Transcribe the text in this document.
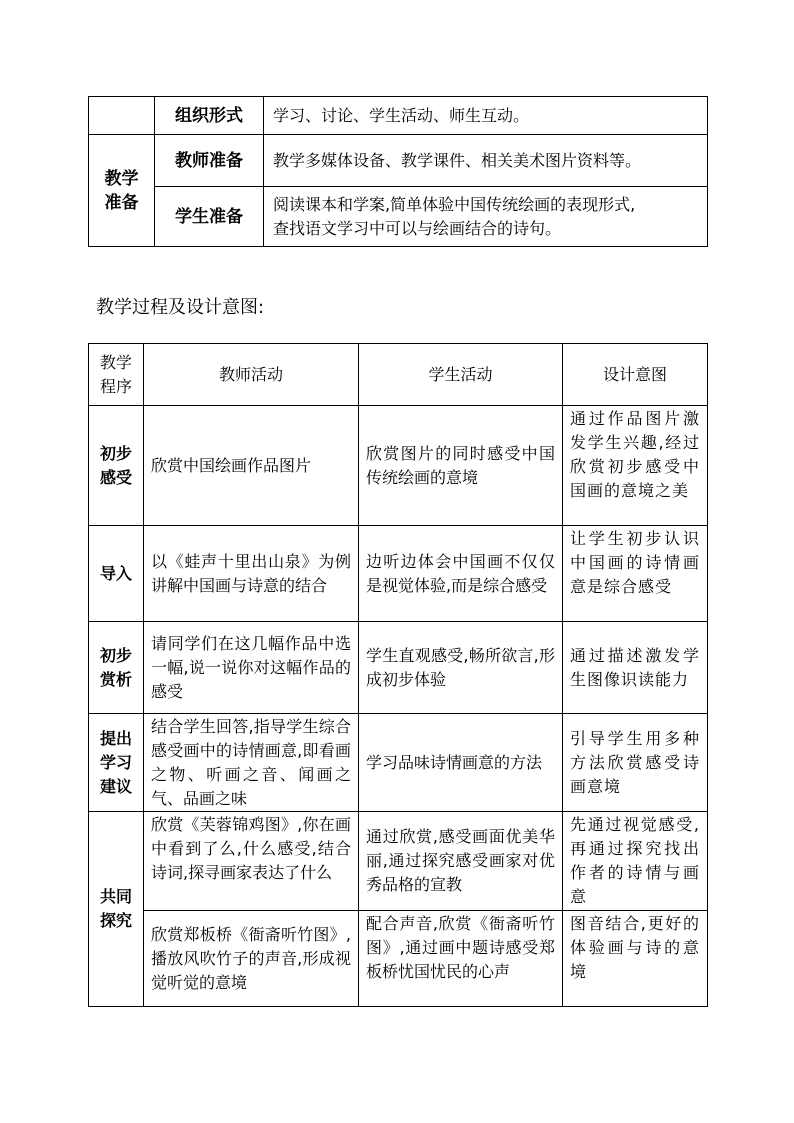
	组织形式	学习、讨论、学生活动、师生互动。

教学
准备	教师准备	教学多媒体设备、教学课件、相关美术图片资料等。
	学生准备	阅读课本和学案,简单体验中国传统绘画的表现形式,
查找语文学习中可以与绘画结合的诗句。
教学过程及设计意图:
教学
程序	教师活动	学生活动	设计意图

初步
感受	欣赏中国绘画作品图片	欣赏图片的同时感受中国传统绘画的意境	通过作品图片激发学生兴趣,经过欣赏初步感受中国画的意境之美

导入	以《蛙声十里出山泉》为例讲解中国画与诗意的结合	边听边体会中国画不仅仅是视觉体验,而是综合感受	让学生初步认识中国画的诗情画意是综合感受

初步
赏析	请同学们在这几幅作品中选一幅,说一说你对这幅作品的感受	学生直观感受,畅所欲言,形成初步体验	通过描述激发学生图像识读能力

提出
学习
建议	结合学生回答,指导学生综合感受画中的诗情画意,即看画之物、听画之音、闻画之气、品画之味	学习品味诗情画意的方法	引导学生用多种方法欣赏感受诗画意境

共同
探究	欣赏《芙蓉锦鸡图》,你在画中看到了么,什么感受,结合诗词,探寻画家表达了什么	通过欣赏,感受画面优美华丽,通过探究感受画家对优秀品格的宣教	先通过视觉感受,再通过探究找出作者的诗情与画意
	欣赏郑板桥《衙斋听竹图》,播放风吹竹子的声音,形成视觉听觉的意境	配合声音,欣赏《衙斋听竹图》,通过画中题诗感受郑板桥忧国忧民的心声	图音结合,更好的体验画与诗的意境
